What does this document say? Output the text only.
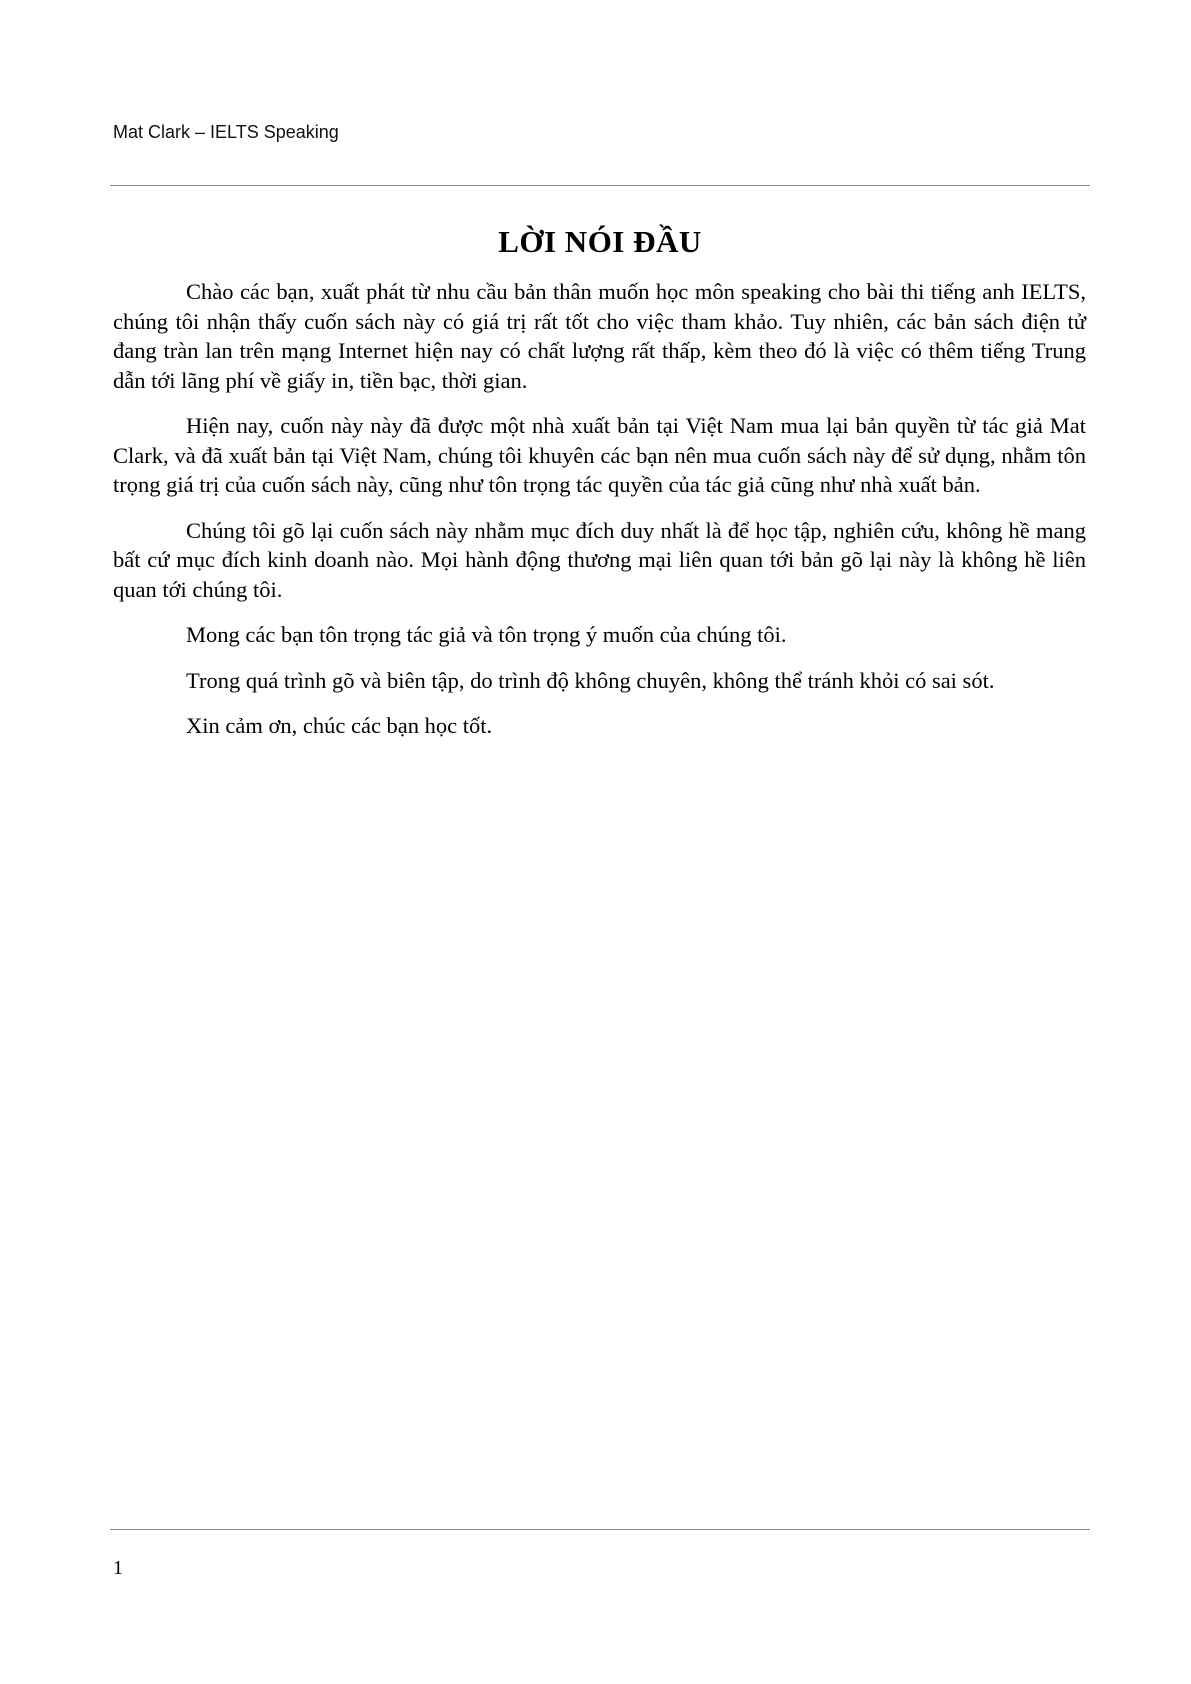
Mat Clark – IELTS Speaking
LỜI NÓI ĐẦU

Chào các bạn, xuất phát từ nhu cầu bản thân muốn học môn speaking cho bài thi tiếng anh IELTS, chúng tôi nhận thấy cuốn sách này có giá trị rất tốt cho việc tham khảo. Tuy nhiên, các bản sách điện tử đang tràn lan trên mạng Internet hiện nay có chất lượng rất thấp, kèm theo đó là việc có thêm tiếng Trung dẫn tới lãng phí về giấy in, tiền bạc, thời gian.

Hiện nay, cuốn này này đã được một nhà xuất bản tại Việt Nam mua lại bản quyền từ tác giả Mat Clark, và đã xuất bản tại Việt Nam, chúng tôi khuyên các bạn nên mua cuốn sách này để sử dụng, nhằm tôn trọng giá trị của cuốn sách này, cũng như tôn trọng tác quyền của tác giả cũng như nhà xuất bản.

Chúng tôi gõ lại cuốn sách này nhằm mục đích duy nhất là để học tập, nghiên cứu, không hề mang bất cứ mục đích kinh doanh nào. Mọi hành động thương mại liên quan tới bản gõ lại này là không hề liên quan tới chúng tôi.

Mong các bạn tôn trọng tác giả và tôn trọng ý muốn của chúng tôi.

Trong quá trình gõ và biên tập, do trình độ không chuyên, không thể tránh khỏi có sai sót.

Xin cảm ơn, chúc các bạn học tốt.

1
